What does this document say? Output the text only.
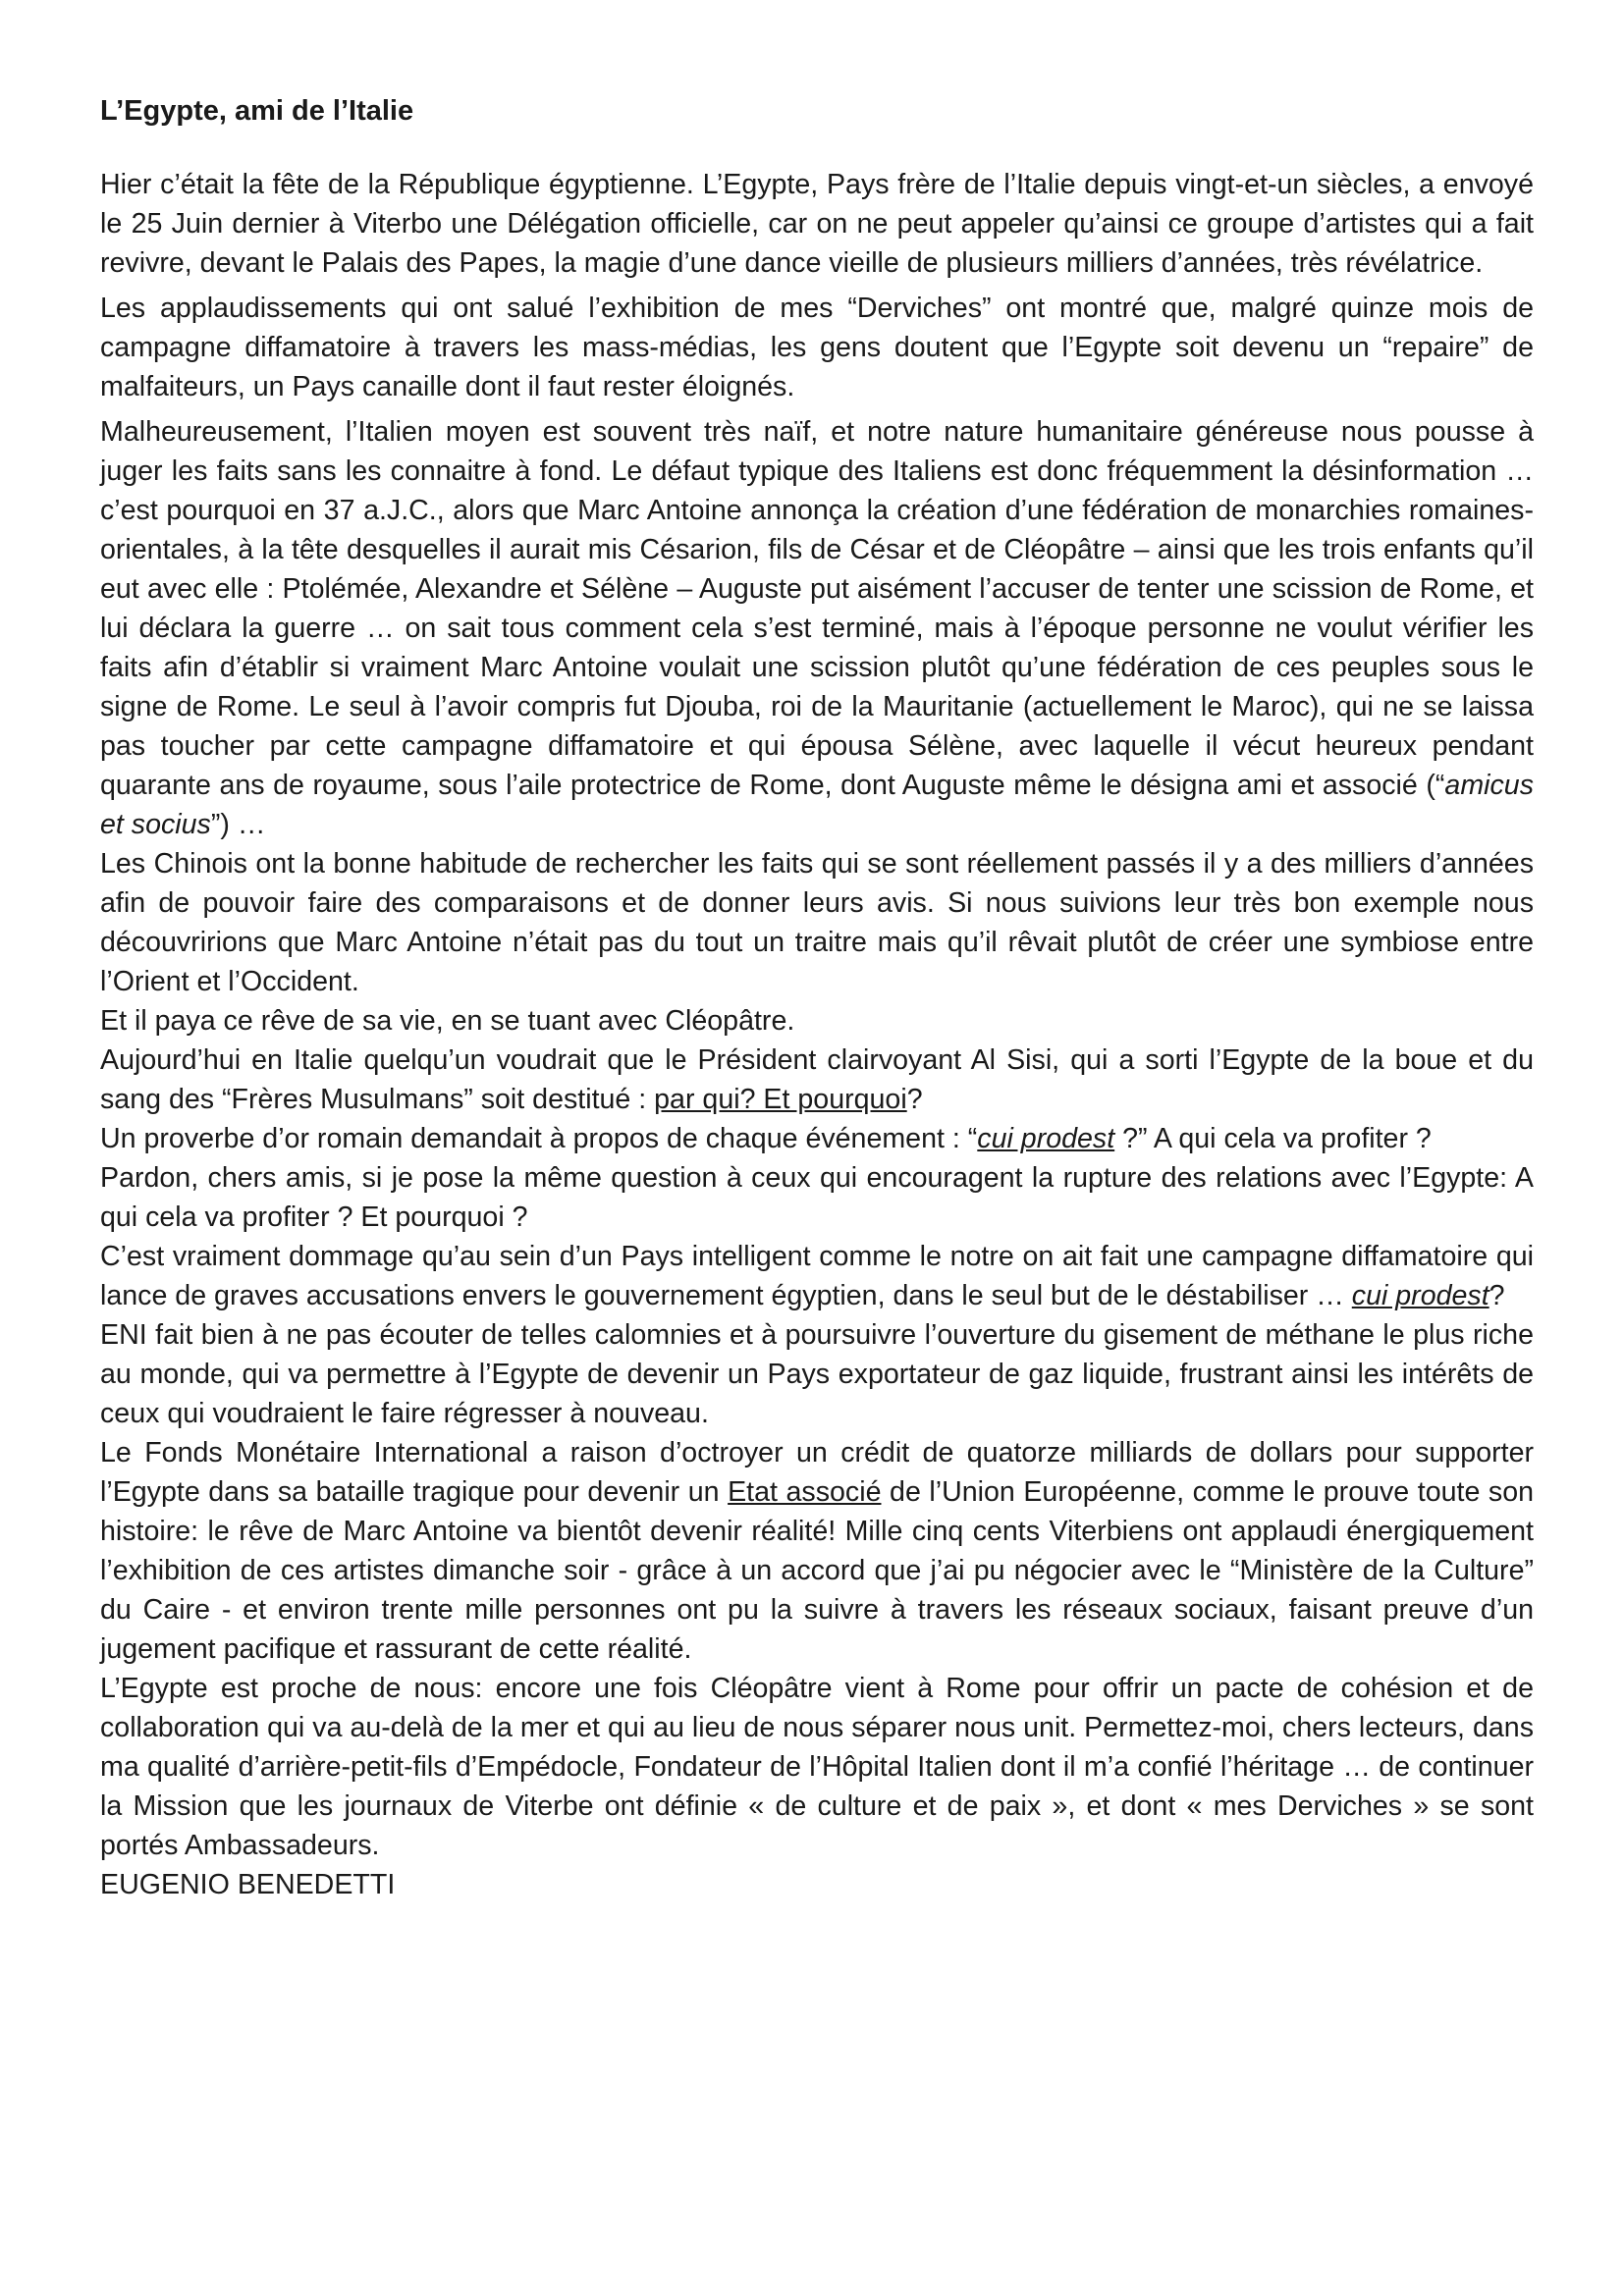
L’Egypte, ami de l’Italie

Hier c’était la fête de la République égyptienne. L’Egypte, Pays frère de l’Italie depuis vingt-et-un siècles, a envoyé le 25 Juin dernier à Viterbo une Délégation officielle, car on ne peut appeler qu’ainsi ce groupe d’artistes qui a fait revivre, devant le Palais des Papes, la magie d’une dance vieille de plusieurs milliers d’années, très révélatrice.

Les applaudissements qui ont salué l’exhibition de mes “Derviches” ont montré que, malgré quinze mois de campagne diffamatoire à travers les mass-médias, les gens doutent que l’Egypte soit devenu un “repaire” de malfaiteurs, un Pays canaille dont il faut rester éloignés.

Malheureusement, l’Italien moyen est souvent très naïf, et notre nature humanitaire généreuse nous pousse à juger les faits sans les connaitre à fond. Le défaut typique des Italiens est donc fréquemment la désinformation … c’est pourquoi en 37 a.J.C., alors que Marc Antoine annonça la création d’une fédération de monarchies romaines-orientales, à la tête desquelles il aurait mis Césarion, fils de César et de Cléopâtre – ainsi que les trois enfants qu’il eut avec elle : Ptolémée, Alexandre et Sélène – Auguste put aisément l’accuser de tenter une scission de Rome, et lui déclara la guerre … on sait tous comment cela s’est terminé, mais à l’époque personne ne voulut vérifier les faits afin d’établir si vraiment Marc Antoine voulait une scission plutôt qu’une fédération de ces peuples sous le signe de Rome. Le seul à l’avoir compris fut Djouba, roi de la Mauritanie (actuellement le Maroc), qui ne se laissa pas toucher par cette campagne diffamatoire et qui épousa Sélène, avec laquelle il vécut heureux pendant quarante ans de royaume, sous l’aile protectrice de Rome, dont Auguste même le désigna ami et associé (“amicus et socius”) …

Les Chinois ont la bonne habitude de rechercher les faits qui se sont réellement passés il y a des milliers d’années afin de pouvoir faire des comparaisons et de donner leurs avis. Si nous suivions leur très bon exemple nous découvririons que Marc Antoine n’était pas du tout un traitre mais qu’il rêvait plutôt de créer une symbiose entre l’Orient et l’Occident.

Et il paya ce rêve de sa vie, en se tuant avec Cléopâtre.

Aujourd’hui en Italie quelqu’un voudrait que le Président clairvoyant Al Sisi, qui a sorti l’Egypte de la boue et du sang des “Frères Musulmans” soit destitué : par qui? Et pourquoi?

Un proverbe d’or romain demandait à propos de chaque événement : “cui prodest ?” A qui cela va profiter ?

Pardon, chers amis, si je pose la même question à ceux qui encouragent la rupture des relations avec l’Egypte: A qui cela va profiter ? Et pourquoi ?

C’est vraiment dommage qu’au sein d’un Pays intelligent comme le notre on ait fait une campagne diffamatoire qui lance de graves accusations envers le gouvernement égyptien, dans le seul but de le déstabiliser … cui prodest?

ENI fait bien à ne pas écouter de telles calomnies et à poursuivre l’ouverture du gisement de méthane le plus riche au monde, qui va permettre à l’Egypte de devenir un Pays exportateur de gaz liquide, frustrant ainsi les intérêts de ceux qui voudraient le faire régresser à nouveau.

Le Fonds Monétaire International a raison d’octroyer un crédit de quatorze milliards de dollars pour supporter l’Egypte dans sa bataille tragique pour devenir un Etat associé de l’Union Européenne, comme le prouve toute son histoire: le rêve de Marc Antoine va bientôt devenir réalité! Mille cinq cents Viterbiens ont applaudi énergiquement l’exhibition de ces artistes dimanche soir - grâce à un accord que j’ai pu négocier avec le “Ministère de la Culture” du Caire - et environ trente mille personnes ont pu la suivre à travers les réseaux sociaux, faisant preuve d’un jugement pacifique et rassurant de cette réalité.

L’Egypte est proche de nous: encore une fois Cléopâtre vient à Rome pour offrir un pacte de cohésion et de collaboration qui va au-delà de la mer et qui au lieu de nous séparer nous unit. Permettez-moi, chers lecteurs, dans ma qualité d’arrière-petit-fils d’Empédocle, Fondateur de l’Hôpital Italien dont il m’a confié l’héritage … de continuer la Mission que les journaux de Viterbe ont définie « de culture et de paix », et dont « mes Derviches » se sont portés Ambassadeurs.

EUGENIO BENEDETTI
